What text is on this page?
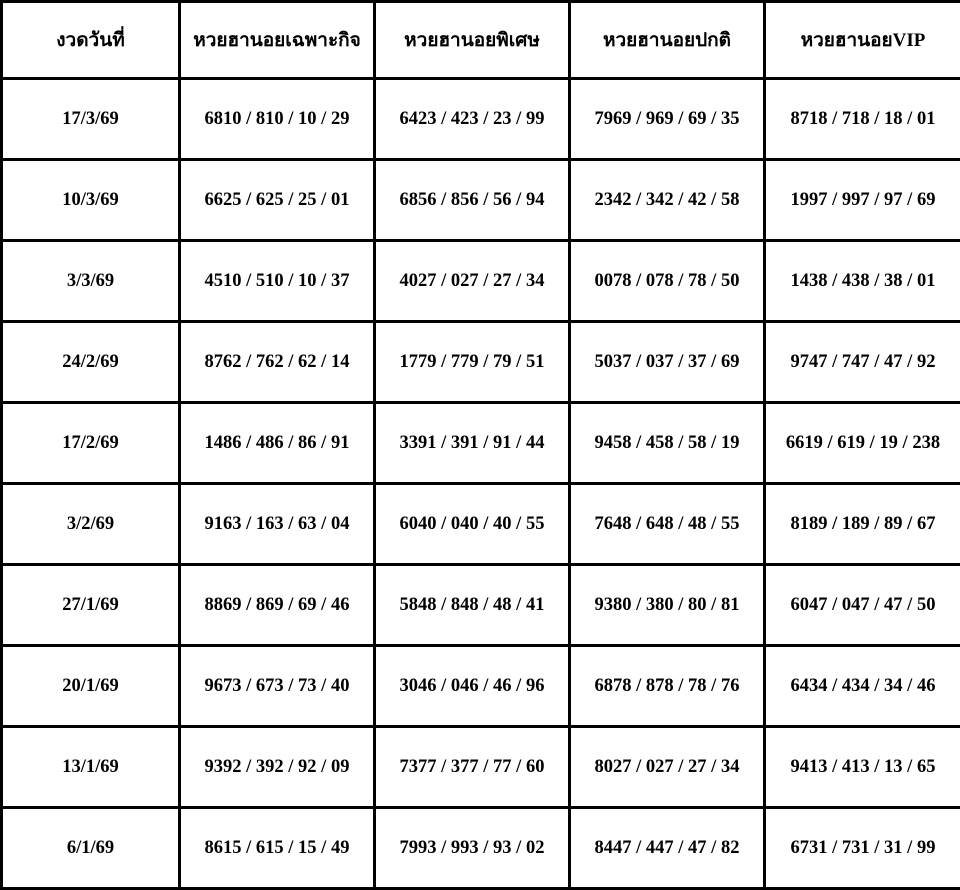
งวดวันที่	หวยฮานอยเฉพาะกิจ	หวยฮานอยพิเศษ	หวยฮานอยปกติ	หวยฮานอยVIP
17/3/69	6810 / 810 / 10 / 29	6423 / 423 / 23 / 99	7969 / 969 / 69 / 35	8718 / 718 / 18 / 01
10/3/69	6625 / 625 / 25 / 01	6856 / 856 / 56 / 94	2342 / 342 / 42 / 58	1997 / 997 / 97 / 69
3/3/69	4510 / 510 / 10 / 37	4027 / 027 / 27 / 34	0078 / 078 / 78 / 50	1438 / 438 / 38 / 01
24/2/69	8762 / 762 / 62 / 14	1779 / 779 / 79 / 51	5037 / 037 / 37 / 69	9747 / 747 / 47 / 92
17/2/69	1486 / 486 / 86 / 91	3391 / 391 / 91 / 44	9458 / 458 / 58 / 19	6619 / 619 / 19 / 238
3/2/69	9163 / 163 / 63 / 04	6040 / 040 / 40 / 55	7648 / 648 / 48 / 55	8189 / 189 / 89 / 67
27/1/69	8869 / 869 / 69 / 46	5848 / 848 / 48 / 41	9380 / 380 / 80 / 81	6047 / 047 / 47 / 50
20/1/69	9673 / 673 / 73 / 40	3046 / 046 / 46 / 96	6878 / 878 / 78 / 76	6434 / 434 / 34 / 46
13/1/69	9392 / 392 / 92 / 09	7377 / 377 / 77 / 60	8027 / 027 / 27 / 34	9413 / 413 / 13 / 65
6/1/69	8615 / 615 / 15 / 49	7993 / 993 / 93 / 02	8447 / 447 / 47 / 82	6731 / 731 / 31 / 99
